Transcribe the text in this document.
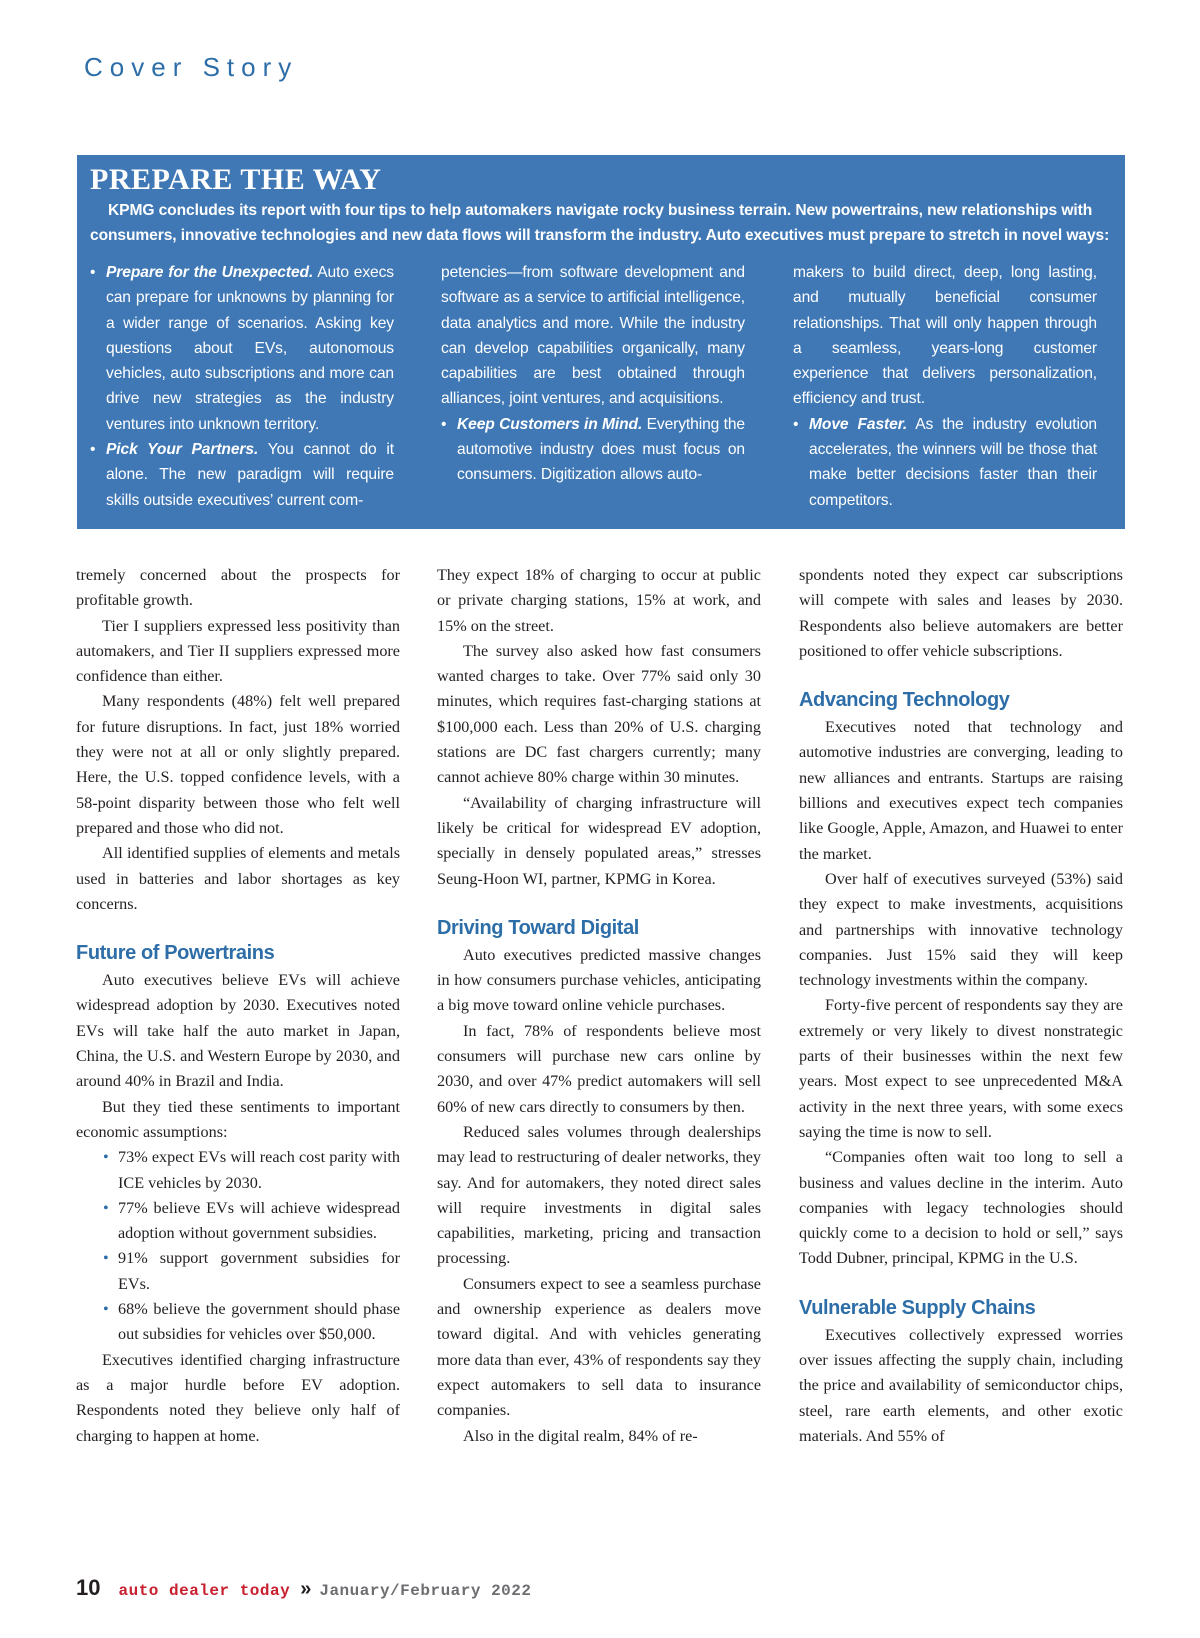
Cover Story
PREPARE THE WAY
KPMG concludes its report with four tips to help automakers navigate rocky business terrain. New powertrains, new relationships with consumers, innovative technologies and new data flows will transform the industry. Auto executives must prepare to stretch in novel ways:

• Prepare for the Unexpected. Auto execs can prepare for unknowns by planning for a wider range of scenarios. Asking key questions about EVs, autonomous vehicles, auto subscriptions and more can drive new strategies as the industry ventures into unknown territory.

• Pick Your Partners. You cannot do it alone. The new paradigm will require skills outside executives’ current com-

petencies—from software development and software as a service to artificial intelligence, data analytics and more. While the industry can develop capabilities organically, many capabilities are best obtained through alliances, joint ventures, and acquisitions.

• Keep Customers in Mind. Everything the automotive industry does must focus on consumers. Digitization allows auto-

makers to build direct, deep, long lasting, and mutually beneficial consumer relationships. That will only happen through a seamless, years-long customer experience that delivers personalization, efficiency and trust.

• Move Faster. As the industry evolution accelerates, the winners will be those that make better decisions faster than their competitors.

tremely concerned about the prospects for profitable growth.

Tier I suppliers expressed less positivity than automakers, and Tier II suppliers expressed more confidence than either.

Many respondents (48%) felt well prepared for future disruptions. In fact, just 18% worried they were not at all or only slightly prepared. Here, the U.S. topped confidence levels, with a 58-point disparity between those who felt well prepared and those who did not.

All identified supplies of elements and metals used in batteries and labor shortages as key concerns.

Future of Powertrains

Auto executives believe EVs will achieve widespread adoption by 2030. Executives noted EVs will take half the auto market in Japan, China, the U.S. and Western Europe by 2030, and around 40% in Brazil and India.

But they tied these sentiments to important economic assumptions:

• 73% expect EVs will reach cost parity with ICE vehicles by 2030.
• 77% believe EVs will achieve widespread adoption without government subsidies.
• 91% support government subsidies for EVs.
• 68% believe the government should phase out subsidies for vehicles over $50,000.

Executives identified charging infrastructure as a major hurdle before EV adoption. Respondents noted they believe only half of charging to happen at home.

They expect 18% of charging to occur at public or private charging stations, 15% at work, and 15% on the street.

The survey also asked how fast consumers wanted charges to take. Over 77% said only 30 minutes, which requires fast-charging stations at $100,000 each. Less than 20% of U.S. charging stations are DC fast chargers currently; many cannot achieve 80% charge within 30 minutes.

“Availability of charging infrastructure will likely be critical for widespread EV adoption, specially in densely populated areas,” stresses Seung-Hoon WI, partner, KPMG in Korea.

Driving Toward Digital

Auto executives predicted massive changes in how consumers purchase vehicles, anticipating a big move toward online vehicle purchases.

In fact, 78% of respondents believe most consumers will purchase new cars online by 2030, and over 47% predict automakers will sell 60% of new cars directly to consumers by then.

Reduced sales volumes through dealerships may lead to restructuring of dealer networks, they say. And for automakers, they noted direct sales will require investments in digital sales capabilities, marketing, pricing and transaction processing.

Consumers expect to see a seamless purchase and ownership experience as dealers move toward digital. And with vehicles generating more data than ever, 43% of respondents say they expect automakers to sell data to insurance companies.

Also in the digital realm, 84% of re-

spondents noted they expect car subscriptions will compete with sales and leases by 2030. Respondents also believe automakers are better positioned to offer vehicle subscriptions.

Advancing Technology

Executives noted that technology and automotive industries are converging, leading to new alliances and entrants. Startups are raising billions and executives expect tech companies like Google, Apple, Amazon, and Huawei to enter the market.

Over half of executives surveyed (53%) said they expect to make investments, acquisitions and partnerships with innovative technology companies. Just 15% said they will keep technology investments within the company.

Forty-five percent of respondents say they are extremely or very likely to divest nonstrategic parts of their businesses within the next few years. Most expect to see unprecedented M&A activity in the next three years, with some execs saying the time is now to sell.

“Companies often wait too long to sell a business and values decline in the interim. Auto companies with legacy technologies should quickly come to a decision to hold or sell,” says Todd Dubner, principal, KPMG in the U.S.

Vulnerable Supply Chains

Executives collectively expressed worries over issues affecting the supply chain, including the price and availability of semiconductor chips, steel, rare earth elements, and other exotic materials. And 55% of

10 auto dealer today » January/February 2022
